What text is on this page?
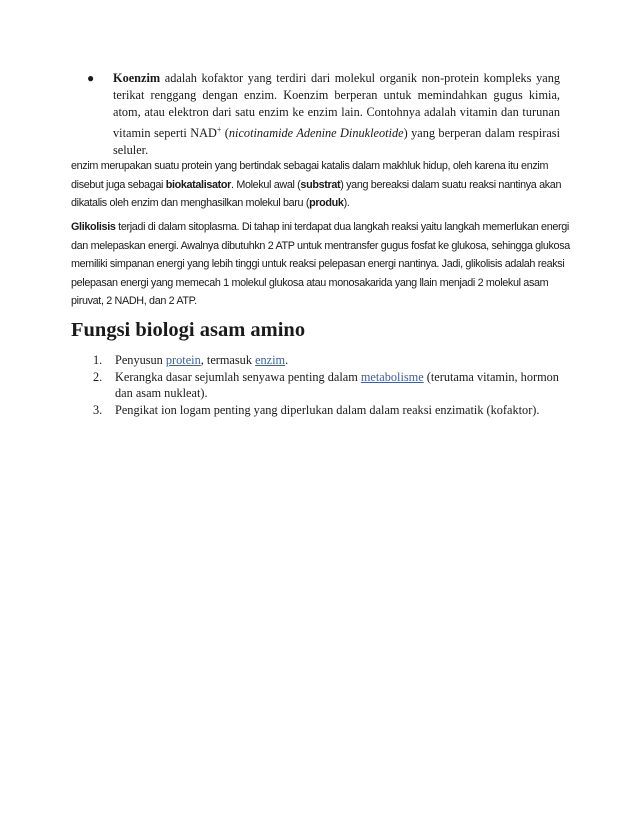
●	Koenzim adalah kofaktor yang terdiri dari molekul organik non-protein kompleks yang terikat renggang dengan enzim. Koenzim berperan untuk memindahkan gugus kimia, atom, atau elektron dari satu enzim ke enzim lain. Contohnya adalah vitamin dan turunan vitamin seperti NAD+ (nicotinamide Adenine Dinukleotide) yang berperan dalam respirasi seluler.

enzim merupakan suatu protein yang bertindak sebagai katalis dalam makhluk hidup, oleh karena itu enzim disebut juga sebagai biokatalisator. Molekul awal (substrat) yang bereaksi dalam suatu reaksi nantinya akan dikatalis oleh enzim dan menghasilkan molekul baru (produk).

Glikolisis terjadi di dalam sitoplasma. Di tahap ini terdapat dua langkah reaksi yaitu langkah memerlukan energi dan melepaskan energi. Awalnya dibutuhkn 2 ATP untuk mentransfer gugus fosfat ke glukosa, sehingga glukosa memiliki simpanan energi yang lebih tinggi untuk reaksi pelepasan energi nantinya. Jadi, glikolisis adalah reaksi pelepasan energi yang memecah 1 molekul glukosa atau monosakarida yang llain menjadi 2 molekul asam piruvat, 2 NADH, dan 2 ATP.

Fungsi biologi asam amino
1. Penyusun protein, termasuk enzim.
2. Kerangka dasar sejumlah senyawa penting dalam metabolisme (terutama vitamin, hormon dan asam nukleat).
3. Pengikat ion logam penting yang diperlukan dalam dalam reaksi enzimatik (kofaktor).
